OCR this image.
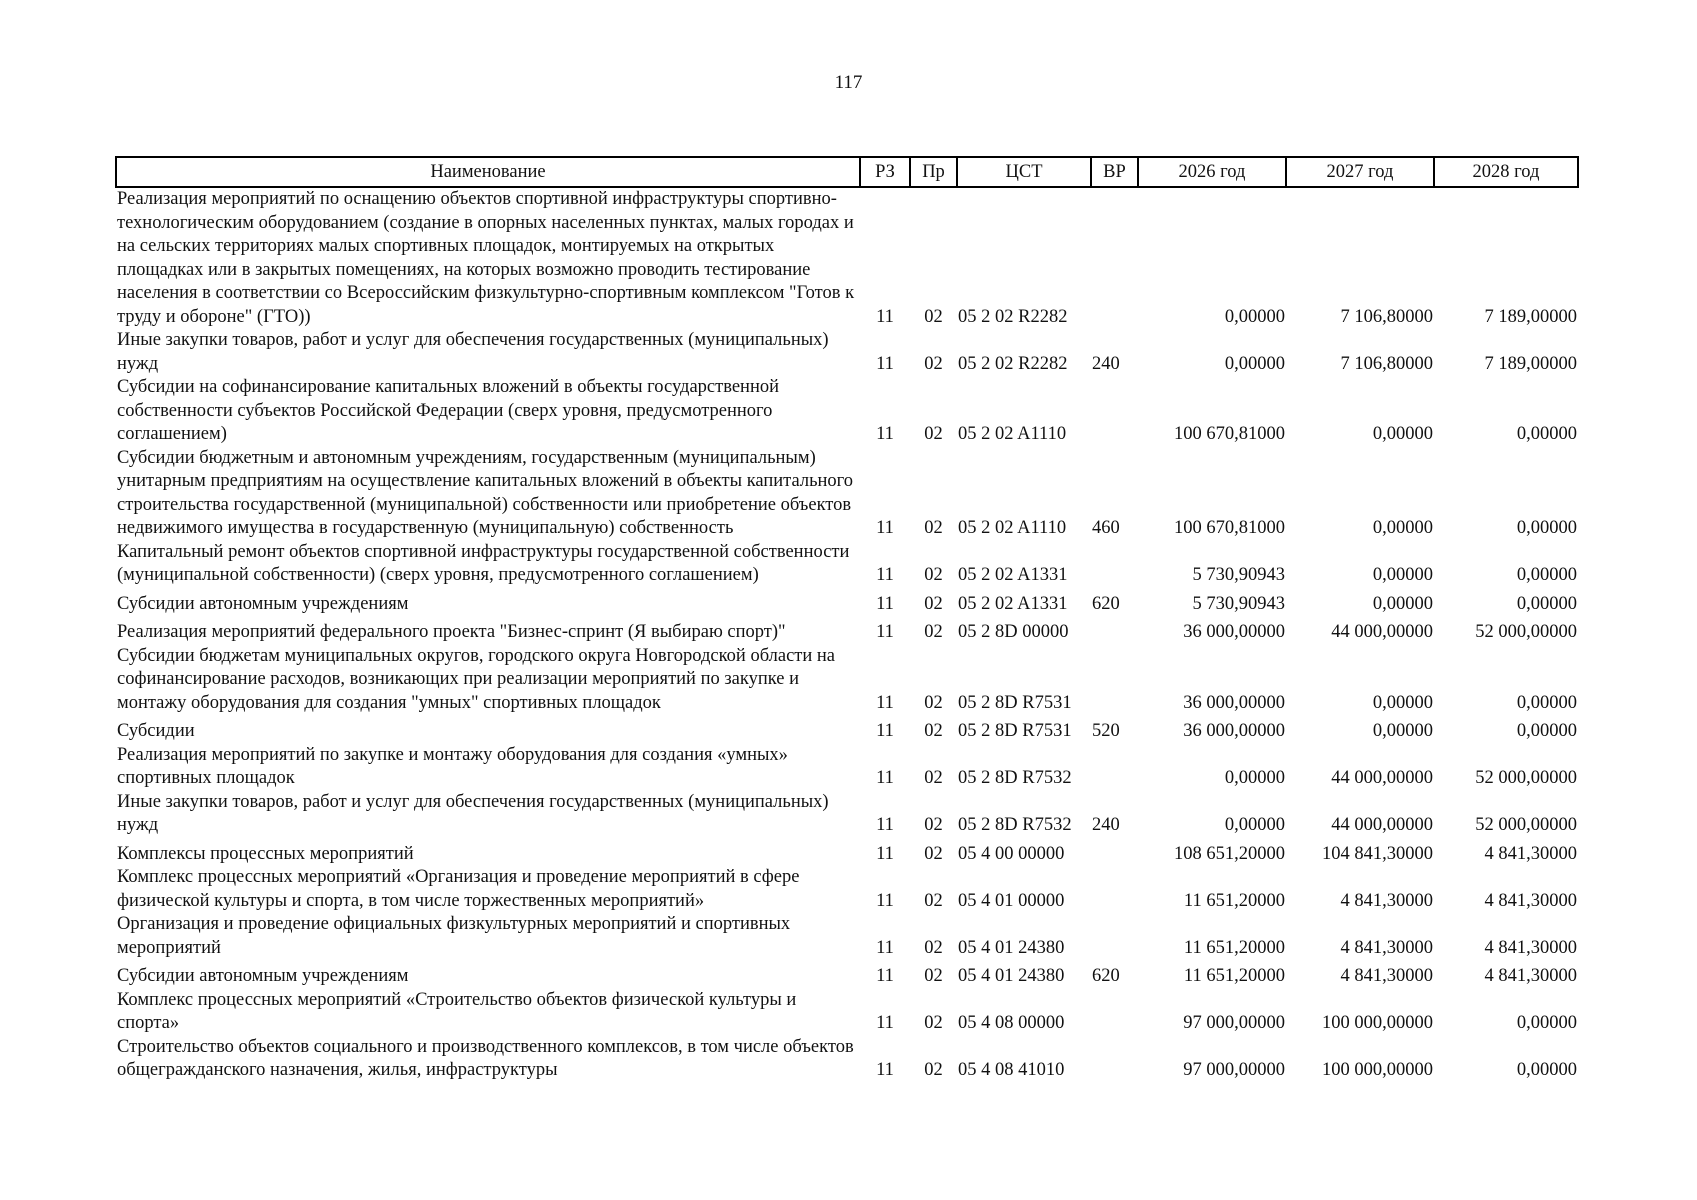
117
Наименование	РЗ	Пр	ЦСТ	ВР	2026 год	2027 год	2028 год
Реализация мероприятий по оснащению объектов спортивной инфраструктуры спортивно-технологическим оборудованием (создание в опорных населенных пунктах, малых городах и на сельских территориях малых спортивных площадок, монтируемых на открытых площадках или в закрытых помещениях, на которых возможно проводить тестирование населения в соответствии со Всероссийским физкультурно-спортивным комплексом "Готов к труду и обороне" (ГТО))	11	02	05 2 02 R2282		0,00000	7 106,80000	7 189,00000
Иные закупки товаров, работ и услуг для обеспечения государственных (муниципальных) нужд	11	02	05 2 02 R2282	240	0,00000	7 106,80000	7 189,00000
Субсидии на софинансирование капитальных вложений в объекты государственной собственности субъектов Российской Федерации (сверх уровня, предусмотренного соглашением)	11	02	05 2 02 A1110		100 670,81000	0,00000	0,00000
Субсидии бюджетным и автономным учреждениям, государственным (муниципальным) унитарным предприятиям на осуществление капитальных вложений в объекты капитального строительства государственной (муниципальной) собственности или приобретение объектов недвижимого имущества в государственную (муниципальную) собственность	11	02	05 2 02 A1110	460	100 670,81000	0,00000	0,00000
Капитальный ремонт объектов спортивной инфраструктуры государственной собственности (муниципальной собственности) (сверх уровня, предусмотренного соглашением)	11	02	05 2 02 A1331		5 730,90943	0,00000	0,00000
Субсидии автономным учреждениям	11	02	05 2 02 A1331	620	5 730,90943	0,00000	0,00000
Реализация мероприятий федерального проекта "Бизнес-спринт (Я выбираю спорт)"	11	02	05 2 8D 00000		36 000,00000	44 000,00000	52 000,00000
Субсидии бюджетам муниципальных округов, городского округа Новгородской области на софинансирование расходов, возникающих при реализации мероприятий по закупке и монтажу оборудования для создания "умных" спортивных площадок	11	02	05 2 8D R7531		36 000,00000	0,00000	0,00000
Субсидии	11	02	05 2 8D R7531	520	36 000,00000	0,00000	0,00000
Реализация мероприятий по закупке и монтажу оборудования для создания «умных» спортивных площадок	11	02	05 2 8D R7532		0,00000	44 000,00000	52 000,00000
Иные закупки товаров, работ и услуг для обеспечения государственных (муниципальных) нужд	11	02	05 2 8D R7532	240	0,00000	44 000,00000	52 000,00000
Комплексы процессных мероприятий	11	02	05 4 00 00000		108 651,20000	104 841,30000	4 841,30000
Комплекс процессных мероприятий «Организация и проведение мероприятий в сфере физической культуры и спорта, в том числе торжественных мероприятий»	11	02	05 4 01 00000		11 651,20000	4 841,30000	4 841,30000
Организация и проведение официальных физкультурных мероприятий и спортивных мероприятий	11	02	05 4 01 24380		11 651,20000	4 841,30000	4 841,30000
Субсидии автономным учреждениям	11	02	05 4 01 24380	620	11 651,20000	4 841,30000	4 841,30000
Комплекс процессных мероприятий «Строительство объектов физической культуры и спорта»	11	02	05 4 08 00000		97 000,00000	100 000,00000	0,00000
Строительство объектов социального и производственного комплексов, в том числе объектов общегражданского назначения, жилья, инфраструктуры	11	02	05 4 08 41010		97 000,00000	100 000,00000	0,00000
